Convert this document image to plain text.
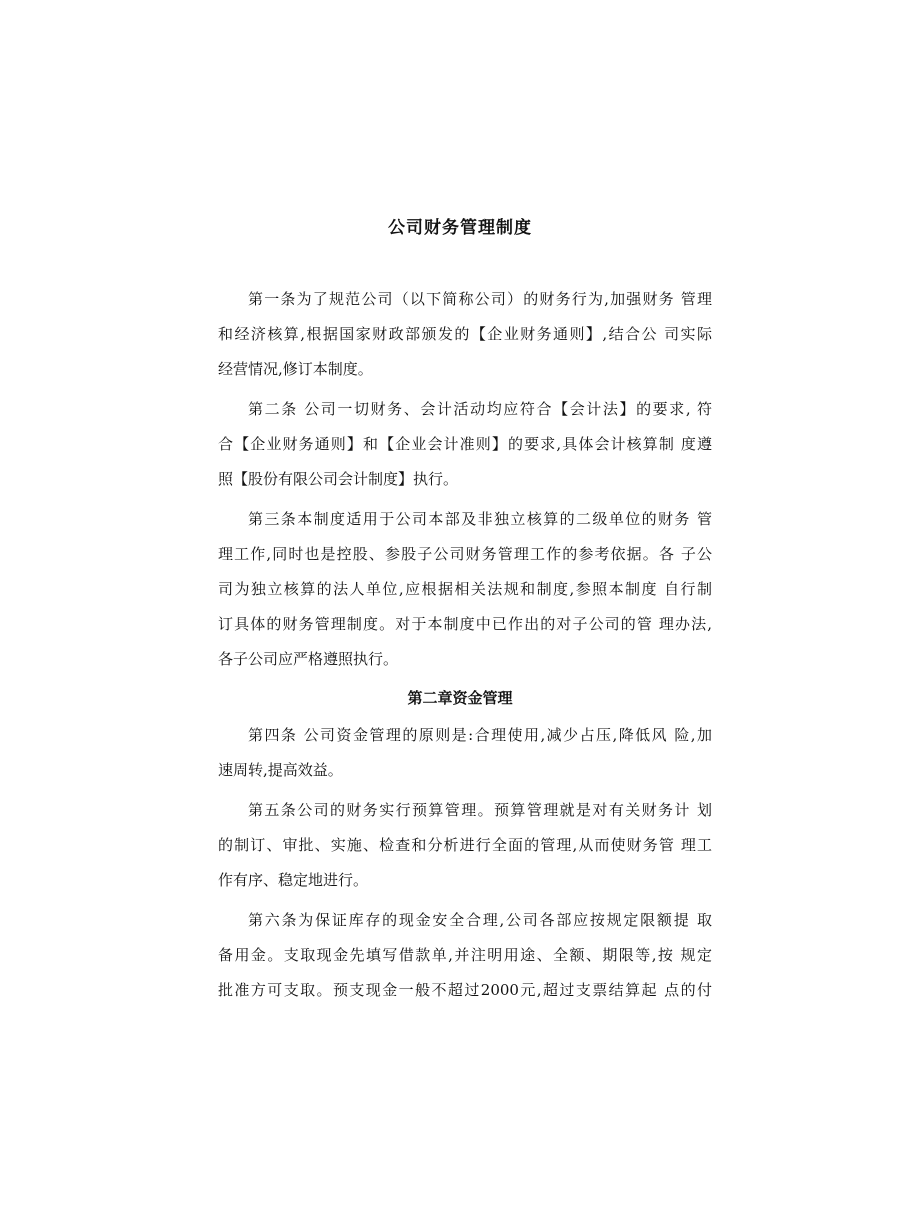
公司财务管理制度
第一条为了规范公司（以下简称公司）的财务行为,加强财务 管理
和经济核算,根据国家财政部颁发的【企业财务通则】,结合公 司实际
经营情况,修订本制度。
第二条 公司一切财务、会计活动均应符合【会计法】的要求, 符
合【企业财务通则】和【企业会计准则】的要求,具体会计核算制 度遵
照【股份有限公司会计制度】执行。
第三条本制度适用于公司本部及非独立核算的二级单位的财务 管
理工作,同时也是控股、参股子公司财务管理工作的参考依据。各 子公
司为独立核算的法人单位,应根据相关法规和制度,参照本制度 自行制
订具体的财务管理制度。对于本制度中已作出的对子公司的管 理办法,
各子公司应严格遵照执行。
第二章资金管理
第四条 公司资金管理的原则是:合理使用,减少占压,降低风 险,加
速周转,提高效益。
第五条公司的财务实行预算管理。预算管理就是对有关财务计 划
的制订、审批、实施、检查和分析进行全面的管理,从而使财务管 理工
作有序、稳定地进行。
第六条为保证库存的现金安全合理,公司各部应按规定限额提 取
备用金。支取现金先填写借款单,并注明用途、全额、期限等,按 规定
批准方可支取。预支现金一般不超过2000元,超过支票结算起 点的付
